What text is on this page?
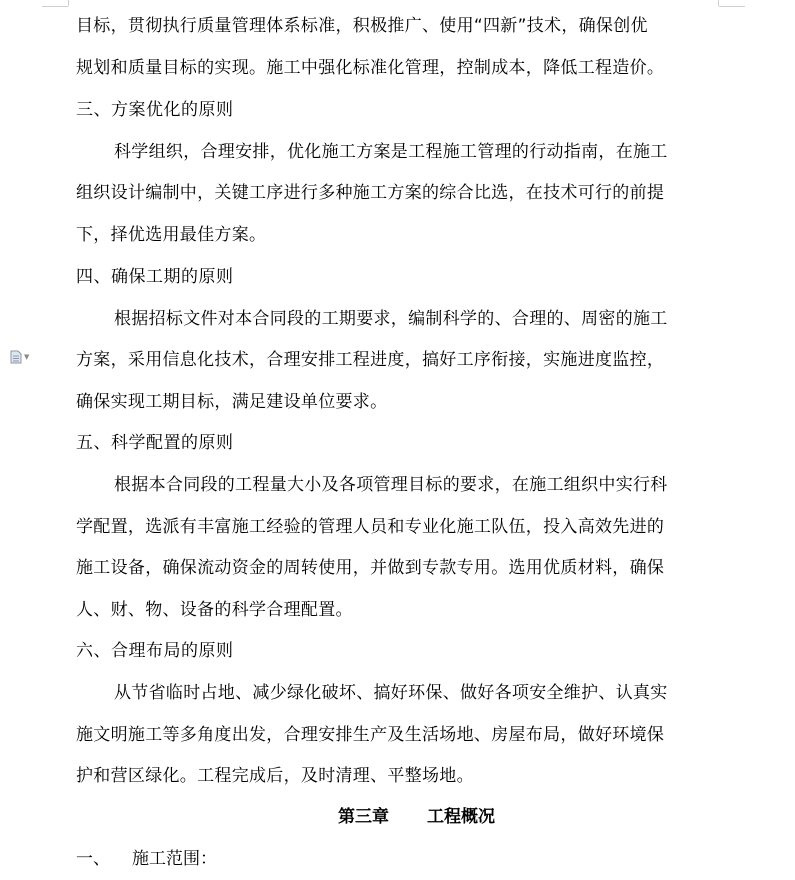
▼
目标，贯彻执行质量管理体系标准，积极推广、使用“四新”技术，确保创优
规划和质量目标的实现。施工中强化标准化管理，控制成本，降低工程造价。
三、方案优化的原则
科学组织，合理安排，优化施工方案是工程施工管理的行动指南，在施工
组织设计编制中，关键工序进行多种施工方案的综合比选，在技术可行的前提
下，择优选用最佳方案。
四、确保工期的原则
根据招标文件对本合同段的工期要求，编制科学的、合理的、周密的施工
方案，采用信息化技术，合理安排工程进度，搞好工序衔接，实施进度监控，
确保实现工期目标，满足建设单位要求。
五、科学配置的原则
根据本合同段的工程量大小及各项管理目标的要求，在施工组织中实行科
学配置，选派有丰富施工经验的管理人员和专业化施工队伍，投入高效先进的
施工设备，确保流动资金的周转使用，并做到专款专用。选用优质材料，确保
人、财、物、设备的科学合理配置。
六、合理布局的原则
从节省临时占地、减少绿化破坏、搞好环保、做好各项安全维护、认真实
施文明施工等多角度出发，合理安排生产及生活场地、房屋布局，做好环境保
护和营区绿化。工程完成后，及时清理、平整场地。
第三章 工程概况
一、 施工范围：
